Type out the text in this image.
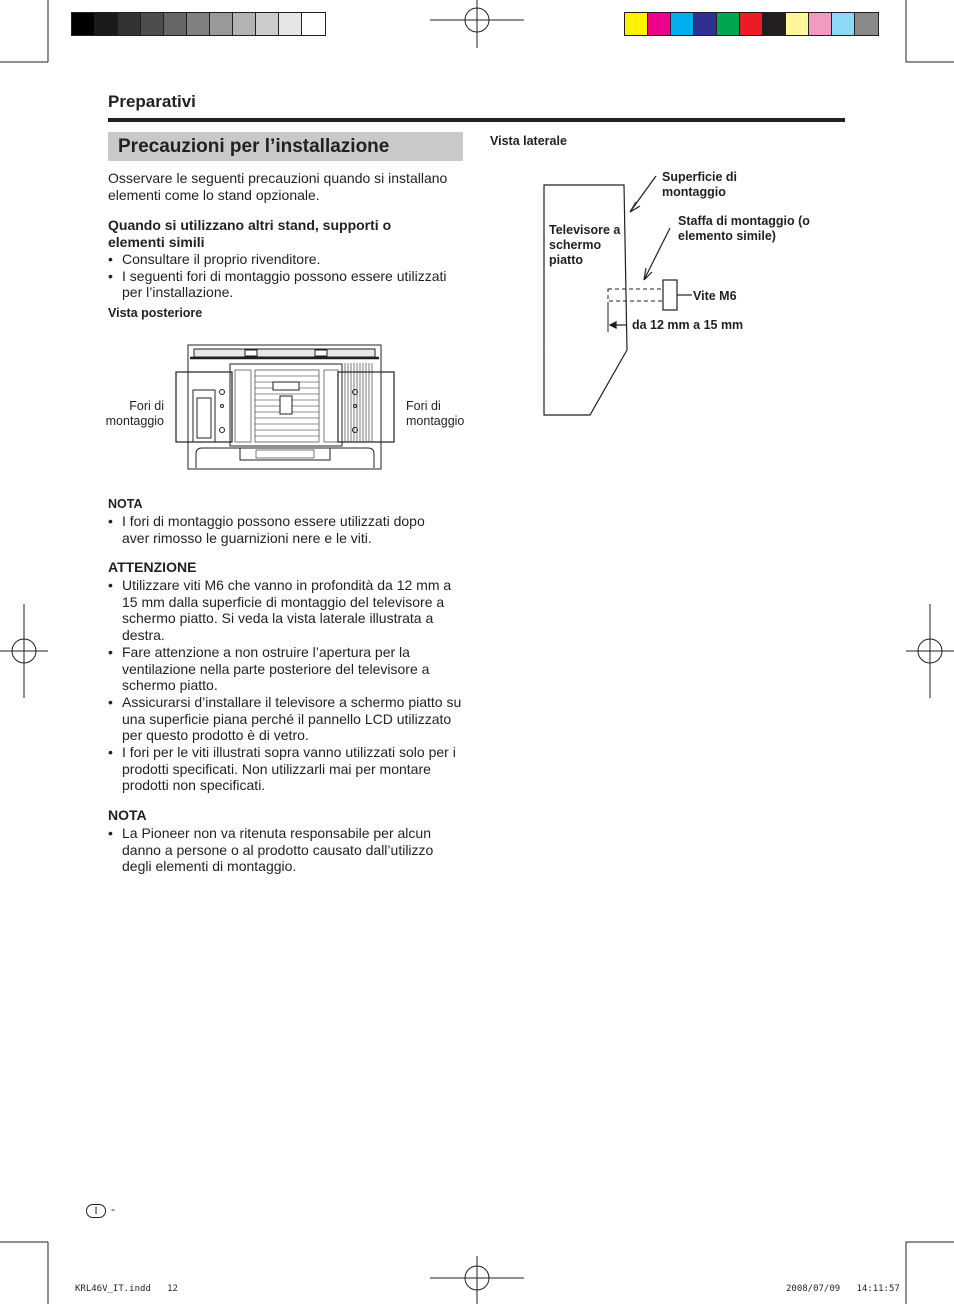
Preparativi
Precauzioni per l’installazione
Osservare le seguenti precauzioni quando si installano elementi come lo stand opzionale.
Quando si utilizzano altri stand, supporti o elementi simili
• Consultare il proprio rivenditore.
• I seguenti fori di montaggio possono essere utilizzati per l’installazione.
Vista posteriore
Fori di montaggio
Fori di montaggio
NOTA
• I fori di montaggio possono essere utilizzati dopo aver rimosso le guarnizioni nere e le viti.
ATTENZIONE
• Utilizzare viti M6 che vanno in profondità da 12 mm a 15 mm dalla superficie di montaggio del televisore a schermo piatto. Si veda la vista laterale illustrata a destra.
• Fare attenzione a non ostruire l’apertura per la ventilazione nella parte posteriore del televisore a schermo piatto.
• Assicurarsi d’installare il televisore a schermo piatto su una superficie piana perché il pannello LCD utilizzato per questo prodotto è di vetro.
• I fori per le viti illustrati sopra vanno utilizzati solo per i prodotti specificati. Non utilizzarli mai per montare prodotti non specificati.
NOTA
• La Pioneer non va ritenuta responsabile per alcun danno a persone o al prodotto causato dall’utilizzo degli elementi di montaggio.
Vista laterale
Televisore a schermo piatto
Superficie di montaggio
Staffa di montaggio (o elemento simile)
Vite M6
da 12 mm a 15 mm
I	-
KRL46V_IT.indd   12	2008/07/09   14:11:57
